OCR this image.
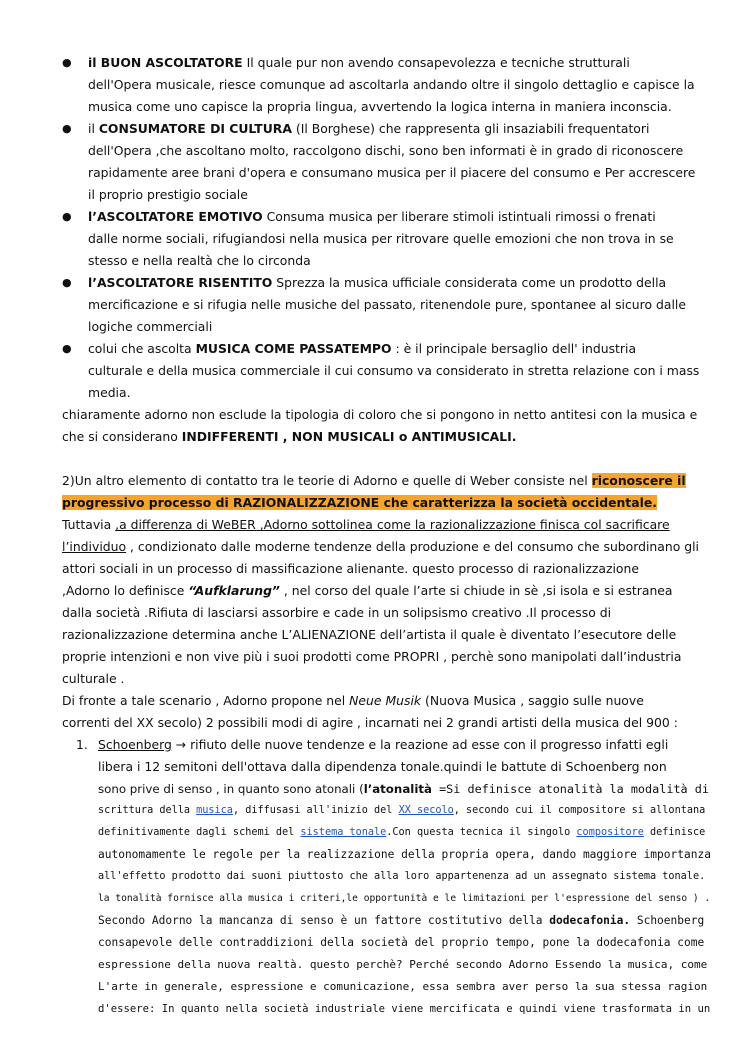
● il BUON ASCOLTATORE Il quale pur non avendo consapevolezza e tecniche strutturali
dell'Opera musicale, riesce comunque ad ascoltarla andando oltre il singolo dettaglio e capisce la
musica come uno capisce la propria lingua, avvertendo la logica interna in maniera inconscia.
● il CONSUMATORE DI CULTURA (Il Borghese) che rappresenta gli insaziabili frequentatori
dell'Opera ,che ascoltano molto, raccolgono dischi, sono ben informati è in grado di riconoscere
rapidamente aree brani d'opera e consumano musica per il piacere del consumo e Per accrescere
il proprio prestigio sociale
● l’ASCOLTATORE EMOTIVO Consuma musica per liberare stimoli istintuali rimossi o frenati
dalle norme sociali, rifugiandosi nella musica per ritrovare quelle emozioni che non trova in se
stesso e nella realtà che lo circonda
● l’ASCOLTATORE RISENTITO Sprezza la musica ufficiale considerata come un prodotto della
mercificazione e si rifugia nelle musiche del passato, ritenendole pure, spontanee al sicuro dalle
logiche commerciali
● colui che ascolta MUSICA COME PASSATEMPO : è il principale bersaglio dell' industria
culturale e della musica commerciale il cui consumo va considerato in stretta relazione con i mass
media.
chiaramente adorno non esclude la tipologia di coloro che si pongono in netto antitesi con la musica e
che si considerano INDIFFERENTI , NON MUSICALI o ANTIMUSICALI.
2)Un altro elemento di contatto tra le teorie di Adorno e quelle di Weber consiste nel riconoscere il
progressivo processo di RAZIONALIZZAZIONE che caratterizza la società occidentale.
Tuttavia ,a differenza di WeBER ,Adorno sottolinea come la razionalizzazione finisca col sacrificare
l’individuo , condizionato dalle moderne tendenze della produzione e del consumo che subordinano gli
attori sociali in un processo di massificazione alienante. questo processo di razionalizzazione
,Adorno lo definisce “Aufklarung” , nel corso del quale l’arte si chiude in sè ,si isola e si estranea
dalla società .Rifiuta di lasciarsi assorbire e cade in un solipsismo creativo .Il processo di
razionalizzazione determina anche L’ALIENAZIONE dell’artista il quale è diventato l’esecutore delle
proprie intenzioni e non vive più i suoi prodotti come PROPRI , perchè sono manipolati dall’industria
culturale .
Di fronte a tale scenario , Adorno propone nel Neue Musik (Nuova Musica , saggio sulle nuove
correnti del XX secolo) 2 possibili modi di agire , incarnati nei 2 grandi artisti della musica del 900 :
1. Schoenberg → rifiuto delle nuove tendenze e la reazione ad esse con il progresso infatti egli
libera i 12 semitoni dell'ottava dalla dipendenza tonale.quindi le battute di Schoenberg non
sono prive di senso , in quanto sono atonali (l’atonalità =Si definisce atonalità la modalità di
scrittura della musica, diffusasi all'inizio del XX secolo, secondo cui il compositore si allontana
definitivamente dagli schemi del sistema tonale.Con questa tecnica il singolo compositore definisce
autonomamente le regole per la realizzazione della propria opera, dando maggiore importanza
all'effetto prodotto dai suoni piuttosto che alla loro appartenenza ad un assegnato sistema tonale.
la tonalità fornisce alla musica i criteri,le opportunità e le limitazioni per l'espressione del senso ) .
Secondo Adorno la mancanza di senso è un fattore costitutivo della dodecafonia. Schoenberg
consapevole delle contraddizioni della società del proprio tempo, pone la dodecafonia come
espressione della nuova realtà. questo perchè? Perché secondo Adorno Essendo la musica, come
L'arte in generale, espressione e comunicazione, essa sembra aver perso la sua stessa ragion
d'essere: In quanto nella società industriale viene mercificata e quindi viene trasformata in un
